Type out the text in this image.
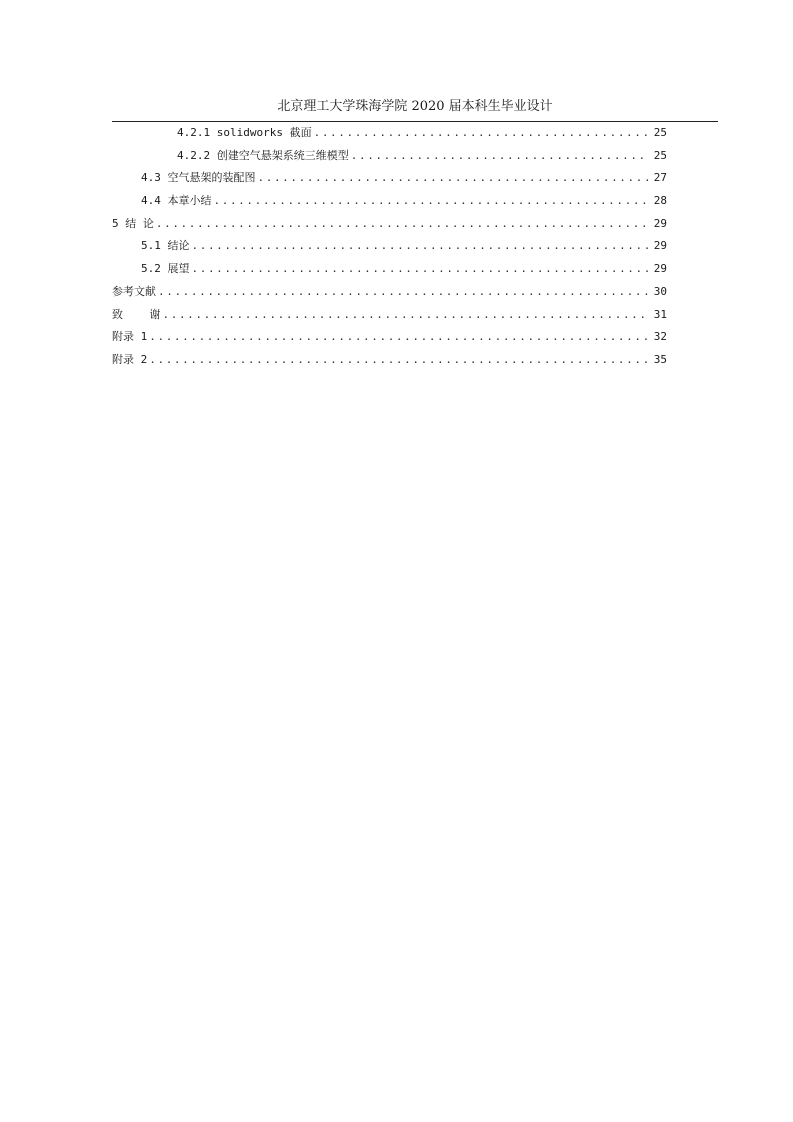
北京理工大学珠海学院 2020 届本科生毕业设计
4.2.1 solidworks 截面 .....	25
4.2.2 创建空气悬架系统三维模型 .....	25
4.3 空气悬架的装配图 .....	27
4.4 本章小结 .....	28
5 结 论 .....	29
5.1 结论 .....	29
5.2 展望 .....	29
参考文献 .....	30
致    谢 .....	31
附录 1 .....	32
附录 2 .....	35
